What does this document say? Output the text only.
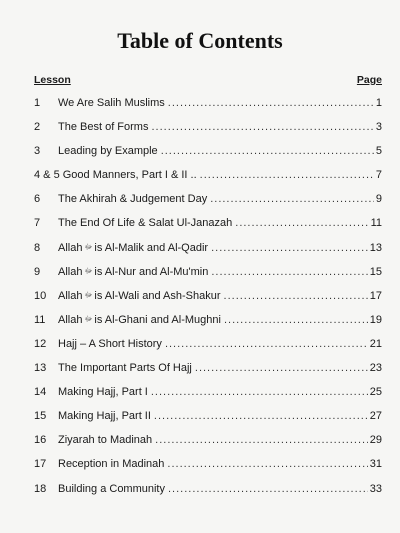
Table of Contents
Lesson	Page
1	We Are Salih Muslims .....	1
2	The Best of Forms .....	3
3	Leading by Example .....	5
4 & 5 Good Manners, Part I & II .. .....	7
6	The Akhirah & Judgement Day .....	9
7	The End Of Life & Salat Ul-Janazah .....	11
8	Allah ﷻ is Al-Malik and Al-Qadir .....	13
9	Allah ﷻ is Al-Nur and Al-Mu'min .....	15
10	Allah ﷻ is Al-Wali and Ash-Shakur .....	17
11	Allah ﷻ is Al-Ghani and Al-Mughni .....	19
12	Hajj – A Short History .....	21
13	The Important Parts Of Hajj .....	23
14	Making Hajj, Part I .....	25
15	Making Hajj, Part II .....	27
16	Ziyarah to Madinah .....	29
17	Reception in Madinah .....	31
18	Building a Community .....	33
